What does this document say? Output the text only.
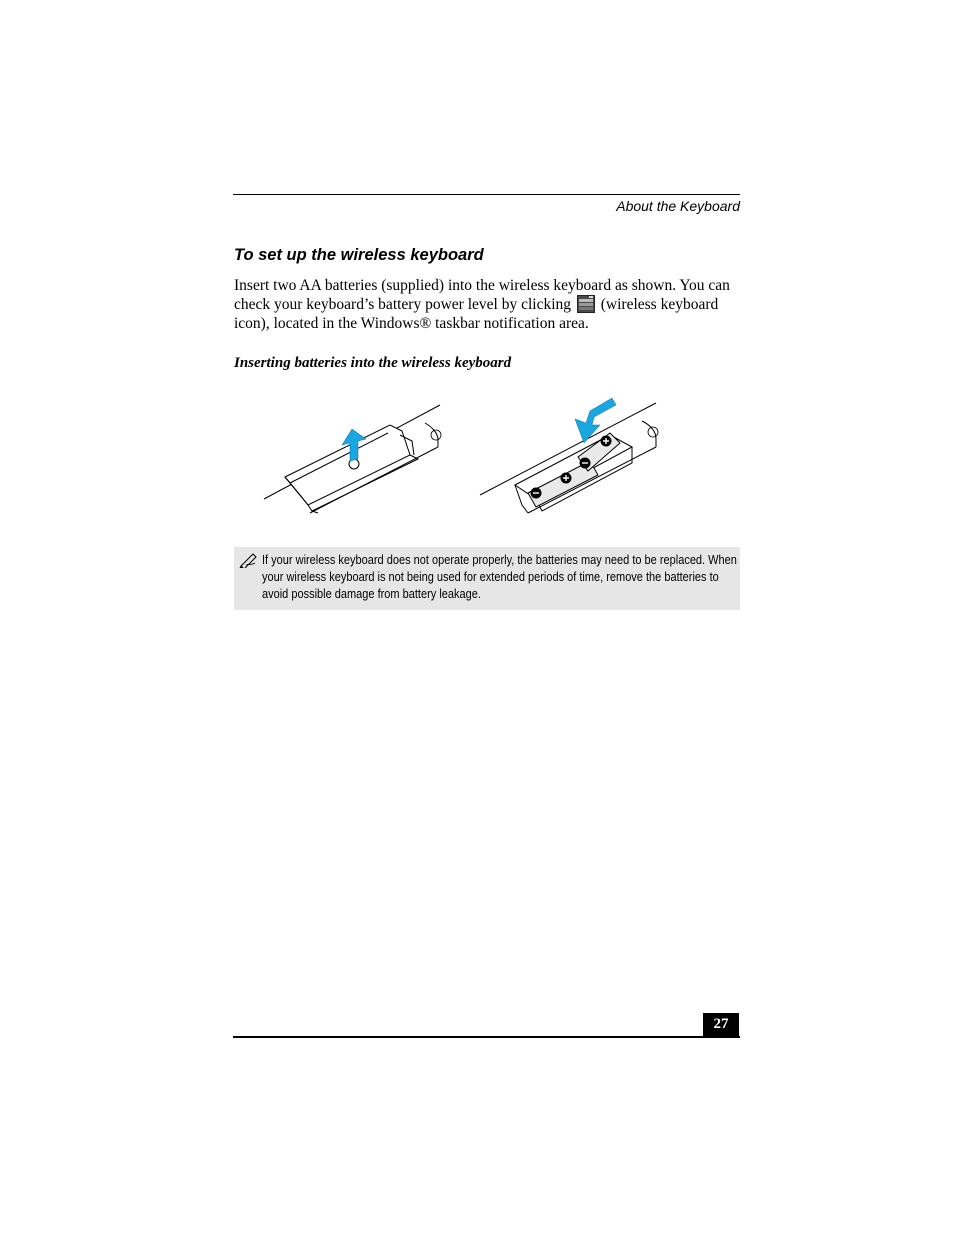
About the Keyboard
To set up the wireless keyboard
Insert two AA batteries (supplied) into the wireless keyboard as shown. You can check your keyboard’s battery power level by clicking (wireless keyboard icon), located in the Windows® taskbar notification area.
Inserting batteries into the wireless keyboard
If your wireless keyboard does not operate properly, the batteries may need to be replaced. When your wireless keyboard is not being used for extended periods of time, remove the batteries to avoid possible damage from battery leakage.
27
